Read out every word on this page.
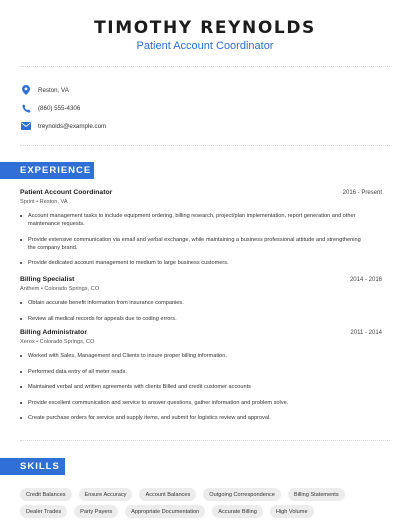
TIMOTHY REYNOLDS
Patient Account Coordinator
Reston, VA
(860) 555-4306
treynolds@example.com
EXPERIENCE
Patient Account Coordinator	2016 - Present
Sprint • Reston, VA
Account management tasks to include equipment ordering, billing research, project/plan implementation, report generation and other maintenance requests.
Provide extensive communication via email and verbal exchange, while maintaining a business professional attitude and strengthening the company brand.
Provide dedicated account management to medium to large business customers.
Billing Specialist	2014 - 2016
Anthem • Colorado Springs, CO
Obtain accurate benefit information from insurance companies.
Review all medical records for appeals due to coding errors.
Billing Administrator	2011 - 2014
Xerox • Colorado Springs, CO
Worked with Sales, Management and Clients to insure proper billing information.
Performed data entry of all meter reads.
Maintained verbal and written agreements with clients Billed and credit customer accounts
Provide excellent communication and service to answer questions, gather information and problem solve.
Create purchase orders for service and supply items, and submit for logistics review and approval.
SKILLS
Credit Balances	Ensure Accuracy	Account Balances	Outgoing Correspondence	Billing Statements
Dealer Trades	Party Payers	Appropriate Documentation	Accurate Billing	High Volume
